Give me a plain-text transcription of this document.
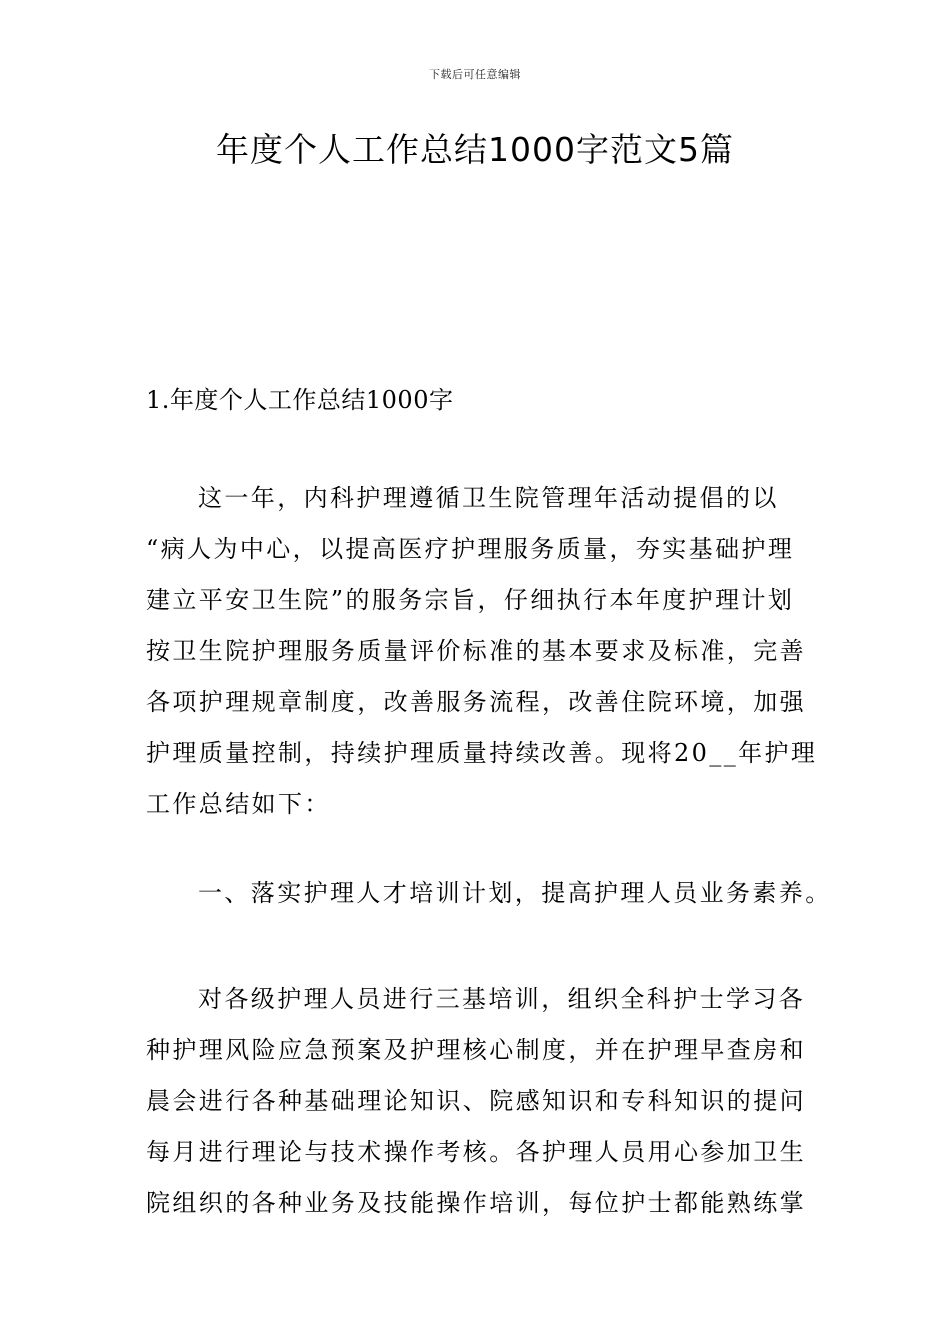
下载后可任意编辑
年度个人工作总结1000字范文5篇
1.年度个人工作总结1000字
这一年，内科护理遵循卫生院管理年活动提倡的以
“病人为中心，以提高医疗护理服务质量，夯实基础护理
建立平安卫生院”的服务宗旨，仔细执行本年度护理计划
按卫生院护理服务质量评价标准的基本要求及标准，完善
各项护理规章制度，改善服务流程，改善住院环境，加强
护理质量控制，持续护理质量持续改善。现将20__年护理
工作总结如下：
一、落实护理人才培训计划，提高护理人员业务素养。
对各级护理人员进行三基培训，组织全科护士学习各
种护理风险应急预案及护理核心制度，并在护理早查房和
晨会进行各种基础理论知识、院感知识和专科知识的提问
每月进行理论与技术操作考核。各护理人员用心参加卫生
院组织的各种业务及技能操作培训，每位护士都能熟练掌
